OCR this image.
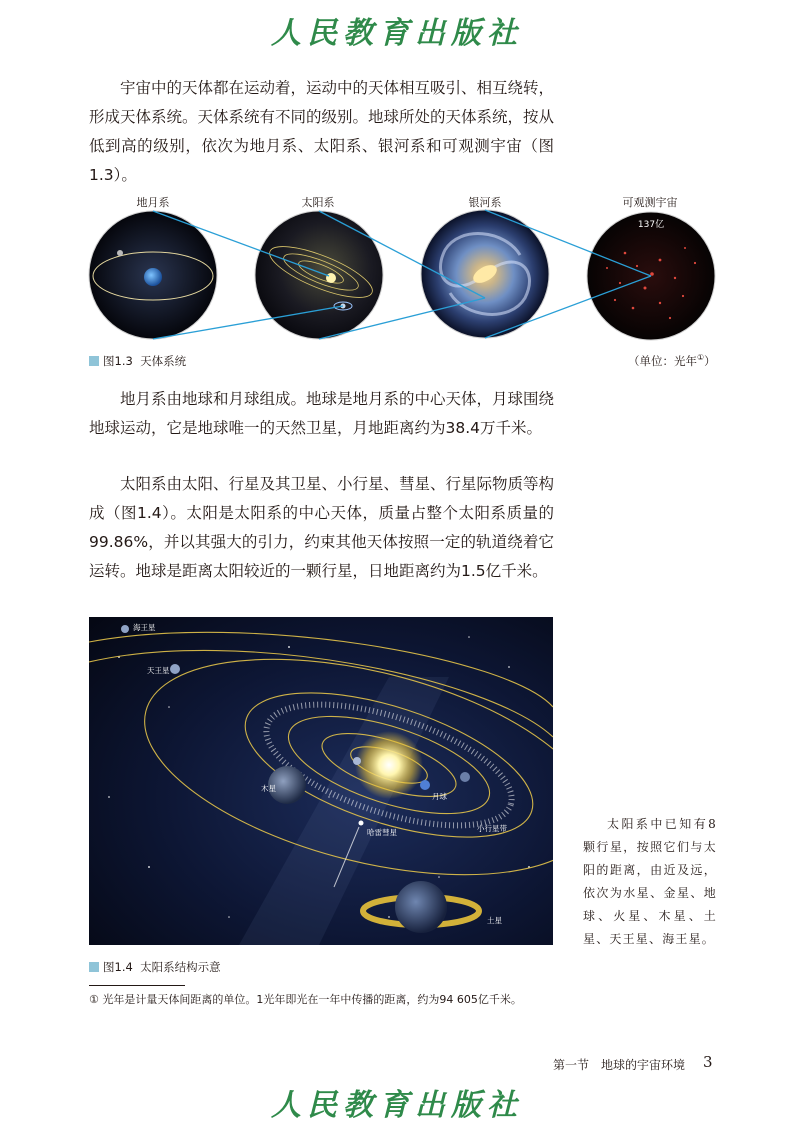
人民教育出版社
宇宙中的天体都在运动着，运动中的天体相互吸引、相互绕转，形成天体系统。天体系统有不同的级别。地球所处的天体系统，按从低到高的级别，依次为地月系、太阳系、银河系和可观测宇宙（图1.3）。
地月系	太阳系	银河系	可观测宇宙
137亿
图1.3 天体系统	（单位：光年①）
地月系由地球和月球组成。地球是地月系的中心天体，月球围绕地球运动，它是地球唯一的天然卫星，月地距离约为38.4万千米。
太阳系由太阳、行星及其卫星、小行星、彗星、行星际物质等构成（图1.4）。太阳是太阳系的中心天体，质量占整个太阳系质量的99.86%，并以其强大的引力，约束其他天体按照一定的轨道绕着它运转。地球是距离太阳较近的一颗行星，日地距离约为1.5亿千米。
海王星
天王星
木星
土星
哈雷彗星	小行星带
月球
图1.4 太阳系结构示意
太阳系中已知有8颗行星，按照它们与太阳的距离，由近及远，依次为水星、金星、地球、火星、木星、土星、天王星、海王星。
① 光年是计量天体间距离的单位。1光年即光在一年中传播的距离，约为94 605亿千米。
第一节　地球的宇宙环境 3
人民教育出版社
